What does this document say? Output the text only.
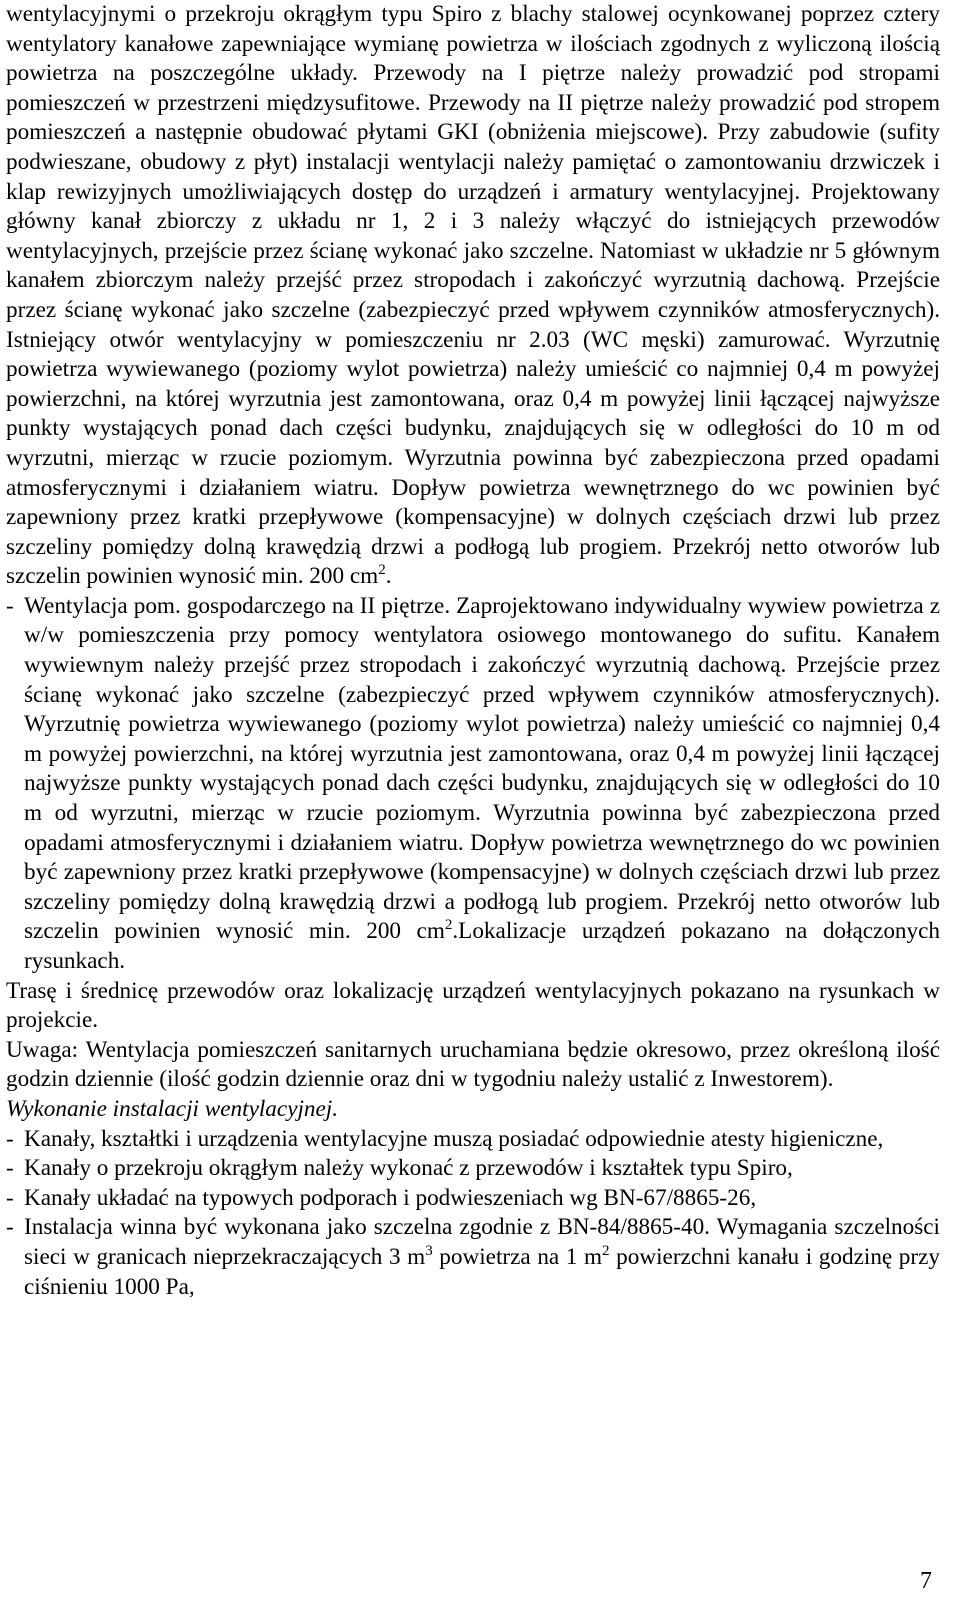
wentylacyjnymi o przekroju okrągłym typu Spiro z blachy stalowej ocynkowanej poprzez cztery wentylatory kanałowe zapewniające wymianę powietrza w ilościach zgodnych z wyliczoną ilością powietrza na poszczególne układy. Przewody na I piętrze należy prowadzić pod stropami pomieszczeń w przestrzeni międzysufitowe. Przewody na II piętrze należy prowadzić pod stropem pomieszczeń a następnie obudować płytami GKI (obniżenia miejscowe). Przy zabudowie (sufity podwieszane, obudowy z płyt) instalacji wentylacji należy pamiętać o zamontowaniu drzwiczek i klap rewizyjnych umożliwiających dostęp do urządzeń i armatury wentylacyjnej. Projektowany główny kanał zbiorczy z układu nr 1, 2 i 3 należy włączyć do istniejących przewodów wentylacyjnych, przejście przez ścianę wykonać jako szczelne. Natomiast w układzie nr 5 głównym kanałem zbiorczym należy przejść przez stropodach i zakończyć wyrzutnią dachową. Przejście przez ścianę wykonać jako szczelne (zabezpieczyć przed wpływem czynników atmosferycznych). Istniejący otwór wentylacyjny w pomieszczeniu nr 2.03 (WC męski) zamurować. Wyrzutnię powietrza wywiewanego (poziomy wylot powietrza) należy umieścić co najmniej 0,4 m powyżej powierzchni, na której wyrzutnia jest zamontowana, oraz 0,4 m powyżej linii łączącej najwyższe punkty wystających ponad dach części budynku, znajdujących się w odległości do 10 m od wyrzutni, mierząc w rzucie poziomym. Wyrzutnia powinna być zabezpieczona przed opadami atmosferycznymi i działaniem wiatru. Dopływ powietrza wewnętrznego do wc powinien być zapewniony przez kratki przepływowe (kompensacyjne) w dolnych częściach drzwi lub przez szczeliny pomiędzy dolną krawędzią drzwi a podłogą lub progiem. Przekrój netto otworów lub szczelin powinien wynosić min. 200 $cm^2$.

- Wentylacja pom. gospodarczego na II piętrze. Zaprojektowano indywidualny wywiew powietrza z w/w pomieszczenia przy pomocy wentylatora osiowego montowanego do sufitu. Kanałem wywiewnym należy przejść przez stropodach i zakończyć wyrzutnią dachową. Przejście przez ścianę wykonać jako szczelne (zabezpieczyć przed wpływem czynników atmosferycznych). Wyrzutnię powietrza wywiewanego (poziomy wylot powietrza) należy umieścić co najmniej 0,4 m powyżej powierzchni, na której wyrzutnia jest zamontowana, oraz 0,4 m powyżej linii łączącej najwyższe punkty wystających ponad dach części budynku, znajdujących się w odległości do 10 m od wyrzutni, mierząc w rzucie poziomym. Wyrzutnia powinna być zabezpieczona przed opadami atmosferycznymi i działaniem wiatru. Dopływ powietrza wewnętrznego do wc powinien być zapewniony przez kratki przepływowe (kompensacyjne) w dolnych częściach drzwi lub przez szczeliny pomiędzy dolną krawędzią drzwi a podłogą lub progiem. Przekrój netto otworów lub szczelin powinien wynosić min. 200 $cm^2.Lokalizacje$ urządzeń pokazano na dołączonych rysunkach.

Trasę i średnicę przewodów oraz lokalizację urządzeń wentylacyjnych pokazano na rysunkach w projekcie.

Uwaga: Wentylacja pomieszczeń sanitarnych uruchamiana będzie okresowo, przez określoną ilość godzin dziennie (ilość godzin dziennie oraz dni w tygodniu należy ustalić z Inwestorem).

Wykonanie instalacji wentylacyjnej.

- Kanały, kształtki i urządzenia wentylacyjne muszą posiadać odpowiednie atesty higieniczne,
- Kanały o przekroju okrągłym należy wykonać z przewodów i kształtek typu Spiro,
- Kanały układać na typowych podporach i podwieszeniach wg BN-67/8865-26,
- Instalacja winna być wykonana jako szczelna zgodnie z BN-84/8865-40. Wymagania szczelności sieci w granicach nieprzekraczających 3 $m^3$ powietrza na 1 $m^2$ powierzchni kanału i godzinę przy ciśnieniu 1000 Pa,
7
